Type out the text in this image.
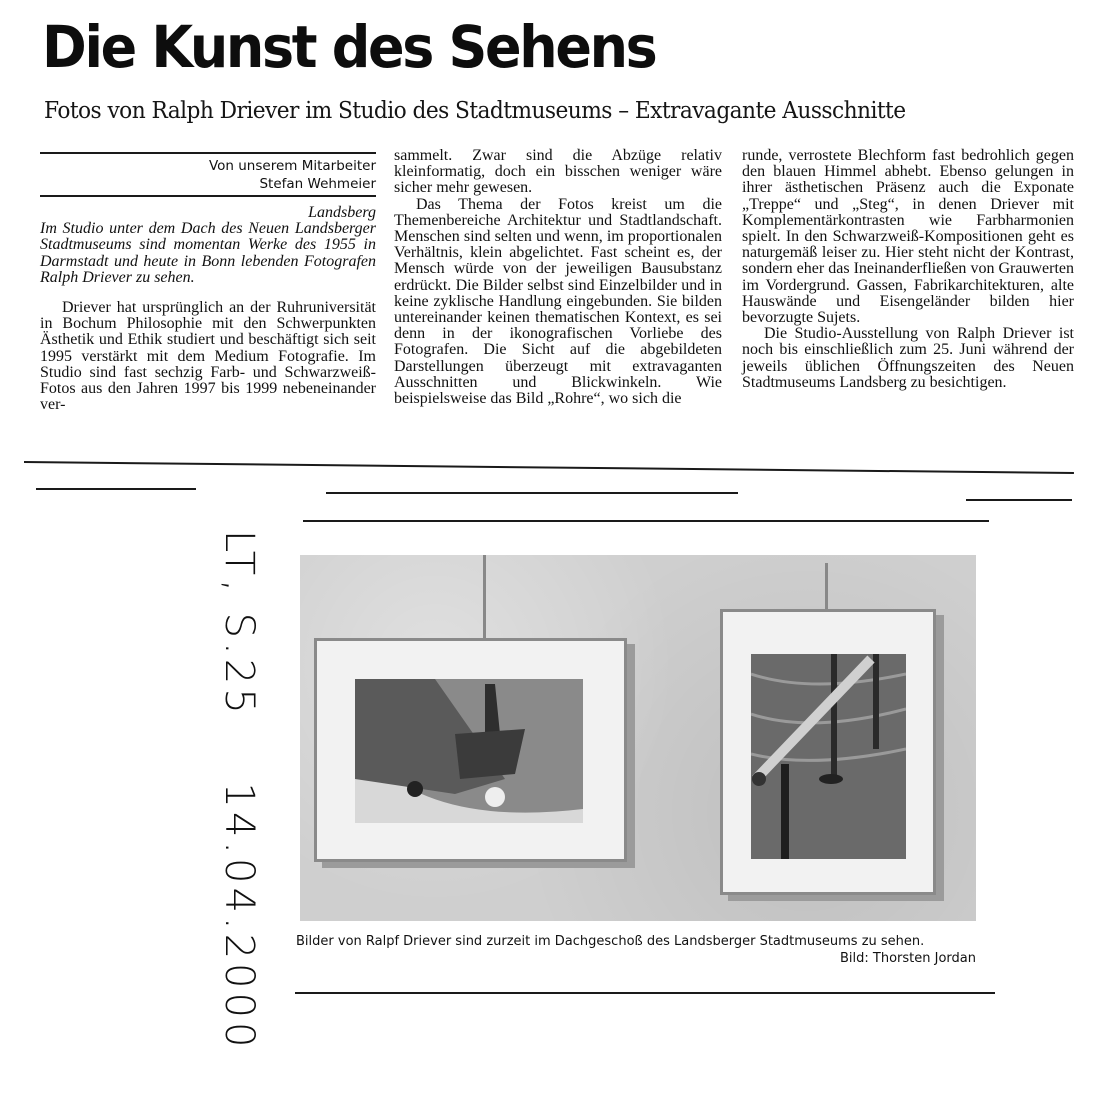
Die Kunst des Sehens
Fotos von Ralph Driever im Studio des Stadtmuseums – Extravagante Ausschnitte
Von unserem Mitarbeiter
Stefan Wehmeier

Landsberg

Im Studio unter dem Dach des Neuen Landsberger Stadtmuseums sind momentan Werke des 1955 in Darmstadt und heute in Bonn lebenden Fotografen Ralph Driever zu sehen.

Driever hat ursprünglich an der Ruhruniversität in Bochum Philosophie mit den Schwerpunkten Ästhetik und Ethik studiert und beschäftigt sich seit 1995 verstärkt mit dem Medium Fotografie. Im Studio sind fast sechzig Farb- und Schwarzweiß-Fotos aus den Jahren 1997 bis 1999 nebeneinander ver-

sammelt. Zwar sind die Abzüge relativ kleinformatig, doch ein bisschen weniger wäre sicher mehr gewesen.

Das Thema der Fotos kreist um die Themenbereiche Architektur und Stadtlandschaft. Menschen sind selten und wenn, im proportionalen Verhältnis, klein abgelichtet. Fast scheint es, der Mensch würde von der jeweiligen Bausubstanz erdrückt. Die Bilder selbst sind Einzelbilder und in keine zyklische Handlung eingebunden. Sie bilden untereinander keinen thematischen Kontext, es sei denn in der ikonografischen Vorliebe des Fotografen. Die Sicht auf die abgebildeten Darstellungen überzeugt mit extravaganten Ausschnitten und Blickwinkeln. Wie beispielsweise das Bild „Rohre“, wo sich die

runde, verrostete Blechform fast bedrohlich gegen den blauen Himmel abhebt. Ebenso gelungen in ihrer ästhetischen Präsenz auch die Exponate „Treppe“ und „Steg“, in denen Driever mit Komplementärkontrasten wie Farbharmonien spielt. In den Schwarzweiß-Kompositionen geht es naturgemäß leiser zu. Hier steht nicht der Kontrast, sondern eher das Ineinanderfließen von Grauwerten im Vordergrund. Gassen, Fabrikarchitekturen, alte Hauswände und Eisengeländer bilden hier bevorzugte Sujets.

Die Studio-Ausstellung von Ralph Driever ist noch bis einschließlich zum 25. Juni während der jeweils üblichen Öffnungszeiten des Neuen Stadtmuseums Landsberg zu besichtigen.

Bilder von Ralpf Driever sind zurzeit im Dachgeschoß des Landsberger Stadtmuseums zu sehen.
Bild: Thorsten Jordan
LT, S.25 14.04.2000
